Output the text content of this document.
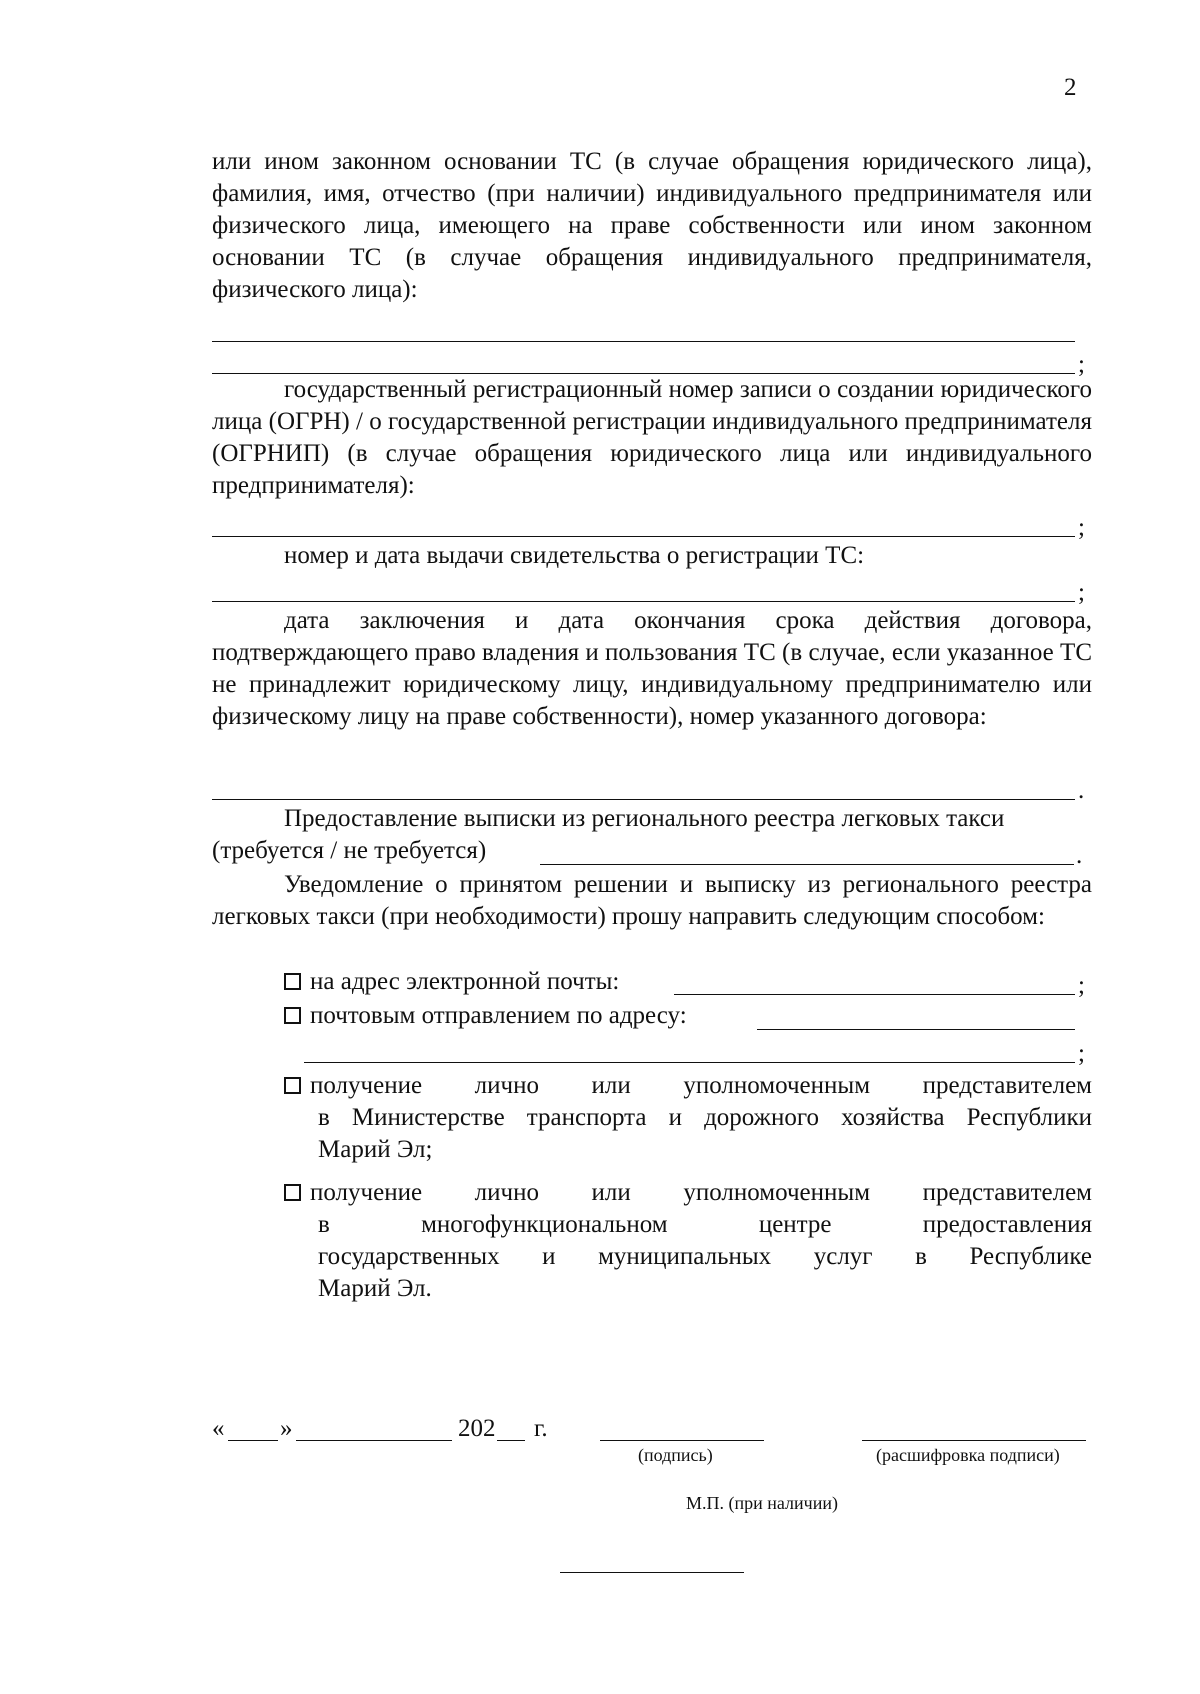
2
или ином законном основании ТС (в случае обращения юридического лица), фамилия, имя, отчество (при наличии) индивидуального предпринимателя или физического лица, имеющего на праве собственности или ином законном основании ТС (в случае обращения индивидуального предпринимателя, физического лица):
;
государственный регистрационный номер записи о создании юридического лица (ОГРН) / о государственной регистрации индивидуального предпринимателя (ОГРНИП) (в случае обращения юридического лица или индивидуального предпринимателя):
;
номер и дата выдачи свидетельства о регистрации ТС:
;
дата заключения и дата окончания срока действия договора, подтверждающего право владения и пользования ТС (в случае, если указанное ТС не принадлежит юридическому лицу, индивидуальному предпринимателю или физическому лицу на праве собственности), номер указанного договора:
.
Предоставление выписки из регионального реестра легковых такси
(требуется / не требуется)	.
Уведомление о принятом решении и выписку из регионального реестра легковых такси (при необходимости) прошу направить следующим способом:
на адрес электронной почты:	;
почтовым отправлением по адресу:
;
получение лично или уполномоченным представителем
в Министерстве транспорта и дорожного хозяйства Республики
Марий Эл;
получение лично или уполномоченным представителем
в многофункциональном центре предоставления
государственных и муниципальных услуг в Республике
Марий Эл.
« »	202 г.
(подпись)	(расшифровка подписи)
М.П. (при наличии)
